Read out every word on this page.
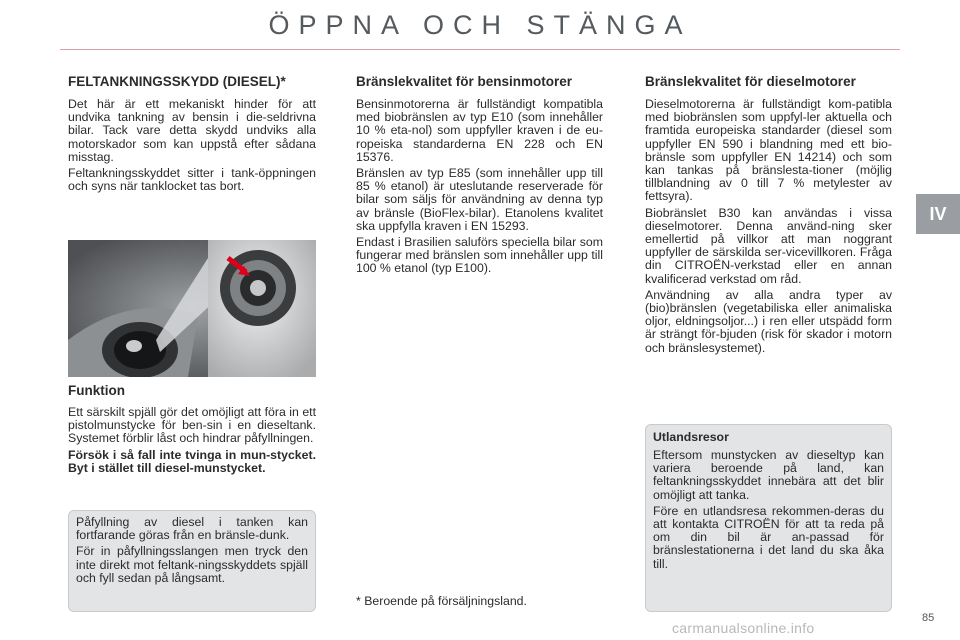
ÖPPNA OCH STÄNGA
FELTANKNINGSSKYDD (DIESEL)*

Det här är ett mekaniskt hinder för att undvika tankning av bensin i die-seldrivna bilar. Tack vare detta skydd undviks alla motorskador som kan uppstå efter sådana misstag.

Feltankningsskyddet sitter i tank-öppningen och syns när tanklocket tas bort.

Funktion

Ett särskilt spjäll gör det omöjligt att föra in ett pistolmunstycke för ben-sin i en dieseltank. Systemet förblir låst och hindrar påfyllningen.

Försök i så fall inte tvinga in mun-stycket. Byt i stället till diesel-munstycket.

Påfyllning av diesel i tanken kan fortfarande göras från en bränsle-dunk.

För in påfyllningsslangen men tryck den inte direkt mot feltank-ningsskyddets spjäll och fyll sedan på långsamt.

Bränslekvalitet för bensinmotorer

Bensinmotorerna är fullständigt kompatibla med biobränslen av typ E10 (som innehåller 10 % eta-nol) som uppfyller kraven i de eu-ropeiska standarderna EN 228 och EN 15376.

Bränslen av typ E85 (som innehåller upp till 85 % etanol) är uteslutande reserverade för bilar som säljs för användning av denna typ av bränsle (BioFlex-bilar). Etanolens kvalitet ska uppfylla kraven i EN 15293.

Endast i Brasilien saluförs speciella bilar som fungerar med bränslen som innehåller upp till 100 % etanol (typ E100).

* Beroende på försäljningsland.
Bränslekvalitet för dieselmotorer

Dieselmotorerna är fullständigt kom-patibla med biobränslen som uppfyl-ler aktuella och framtida europeiska standarder (diesel som uppfyller EN 590 i blandning med ett bio-bränsle som uppfyller EN 14214) och som kan tankas på bränslesta-tioner (möjlig tillblandning av 0 till 7 % metylester av fettsyra).

Biobränslet B30 kan användas i vissa dieselmotorer. Denna använd-ning sker emellertid på villkor att man noggrant uppfyller de särskilda ser-vicevillkoren. Fråga din CITROËN-verkstad eller en annan kvalificerad verkstad om råd.

Användning av alla andra typer av (bio)bränslen (vegetabiliska eller animaliska oljor, eldningsoljor...) i ren eller utspädd form är strängt för-bjuden (risk för skador i motorn och bränslesystemet).

Utlandsresor

Eftersom munstycken av dieseltyp kan variera beroende på land, kan feltankningsskyddet innebära att det blir omöjligt att tanka.

Före en utlandsresa rekommen-deras du att kontakta CITROËN för att ta reda på om din bil är an-passad för bränslestationerna i det land du ska åka till.

IV
85
carmanualsonline.info
